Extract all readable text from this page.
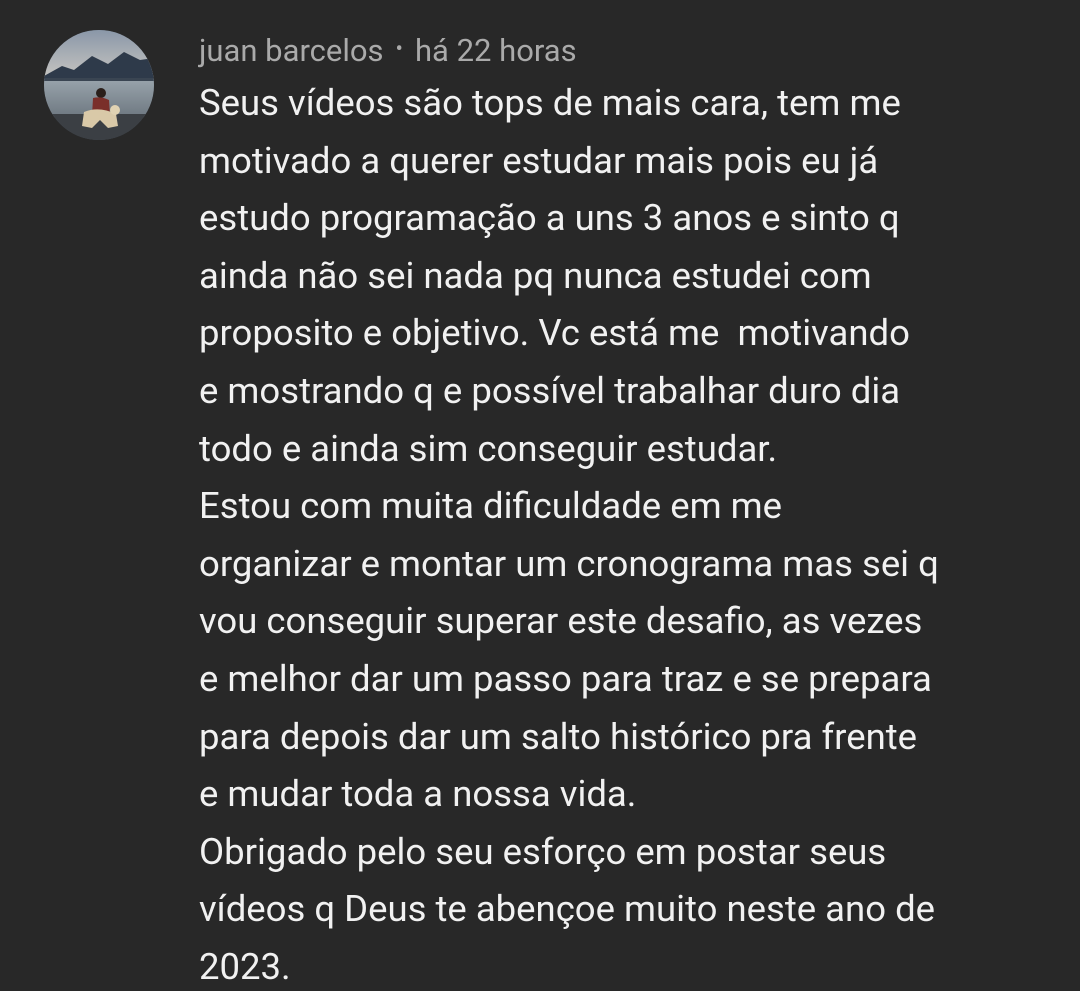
juan barcelos • há 22 horas

Seus vídeos são tops de mais cara, tem me

motivado a querer estudar mais pois eu já

estudo programação a uns 3 anos e sinto q

ainda não sei nada pq nunca estudei com

proposito e objetivo. Vc está me  motivando

e mostrando q e possível trabalhar duro dia

todo e ainda sim conseguir estudar.

Estou com muita dificuldade em me

organizar e montar um cronograma mas sei q

vou conseguir superar este desafio, as vezes

e melhor dar um passo para traz e se prepara

para depois dar um salto histórico pra frente

e mudar toda a nossa vida.

Obrigado pelo seu esforço em postar seus

vídeos q Deus te abençoe muito neste ano de

2023.
